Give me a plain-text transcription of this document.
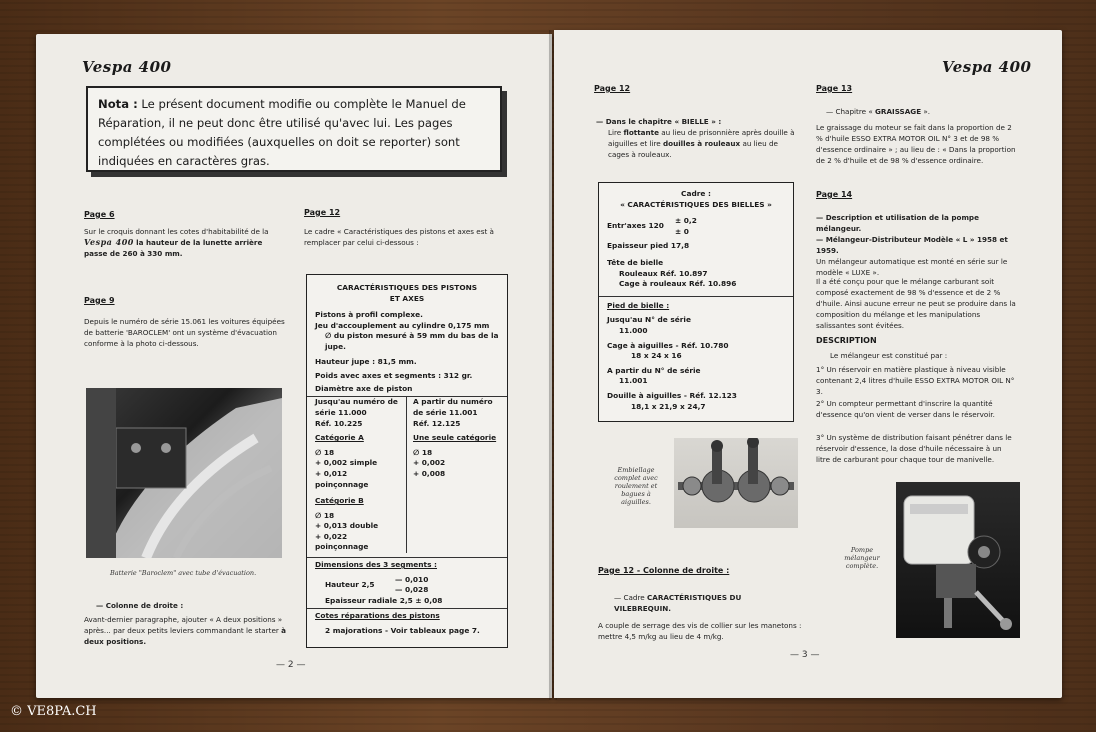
Vespa 400
Nota : Le présent document modifie ou complète le Manuel de Réparation, il ne peut donc être utilisé qu'avec lui. Les pages complétées ou modifiées (auxquelles on doit se reporter) sont indiquées en caractères gras.
Page 6
Sur le croquis donnant les cotes d'habitabilité de la Vespa 400 la hauteur de la lunette arrière passe de 260 à 330 mm.
Page 9
Depuis le numéro de série 15.061 les voitures équipées de batterie 'BAROCLEM' ont un système d'évacuation conforme à la photo ci-dessous.
Batterie "Baroclem" avec tube d'évacuation.
— Colonne de droite :
Avant-dernier paragraphe, ajouter « A deux positions » après... par deux petits leviers commandant le starter à deux positions.
Page 12
Le cadre « Caractéristiques des pistons et axes est à remplacer par celui ci-dessous :
CARACTÉRISTIQUES DES PISTONS
ET AXES
Pistons à profil complexe.
Jeu d'accouplement au cylindre 0,175 mm
∅ du piston mesuré à 59 mm du bas de la jupe.
Hauteur jupe : 81,5 mm.
Poids avec axes et segments : 312 gr.
Diamètre axe de piston
Jusqu'au numéro de série 11.000
Réf. 10.225
Catégorie A
∅ 18
+ 0,002 simple
+ 0,012 poinçonnage
Catégorie B
∅ 18
+ 0,013 double
+ 0,022 poinçonnage
A partir du numéro de série 11.001
Réf. 12.125
Une seule catégorie
∅ 18
+ 0,002
+ 0,008
Dimensions des 3 segments :
Hauteur 2,5
— 0,010
— 0,028
Epaisseur radiale 2,5 ± 0,08
Cotes réparations des pistons
2 majorations - Voir tableaux page 7.
— 2 —
Vespa 400
Page 12
— Dans le chapitre « BIELLE » :
Lire flottante au lieu de prisonnière après douille à aiguilles et lire douilles à rouleaux au lieu de cages à rouleaux.
Cadre :
« CARACTÉRISTIQUES DES BIELLES »
Entr'axes 120
± 0,2
± 0
Epaisseur pied 17,8
Tête de bielle
Rouleaux Réf. 10.897
Cage à rouleaux Réf. 10.896
Pied de bielle :
Jusqu'au N° de série
11.000
Cage à aiguilles - Réf. 10.780
18 x 24 x 16
A partir du N° de série
11.001
Douille à aiguilles - Réf. 12.123
18,1 x 21,9 x 24,7
Embiellage complet avec roulement et bagues à aiguilles.
Page 12 - Colonne de droite :
— Cadre CARACTÉRISTIQUES DU VILEBREQUIN.
A couple de serrage des vis de collier sur les manetons : mettre 4,5 m/kg au lieu de 4 m/kg.
Page 13
— Chapitre « GRAISSAGE ».
Le graissage du moteur se fait dans la proportion de 2 % d'huile ESSO EXTRA MOTOR OIL N° 3 et de 98 % d'essence ordinaire » ; au lieu de : « Dans la proportion de 2 % d'huile et de 98 % d'essence ordinaire.
Page 14
— Description et utilisation de la pompe mélangeur.
— Mélangeur-Distributeur Modèle « L » 1958 et 1959.
Un mélangeur automatique est monté en série sur le modèle « LUXE ».
Il a été conçu pour que le mélange carburant soit composé exactement de 98 % d'essence et de 2 % d'huile. Ainsi aucune erreur ne peut se produire dans la composition du mélange et les manipulations salissantes sont évitées.
DESCRIPTION
Le mélangeur est constitué par :
1° Un réservoir en matière plastique à niveau visible contenant 2,4 litres d'huile ESSO EXTRA MOTOR OIL N° 3.
2° Un compteur permettant d'inscrire la quantité d'essence qu'on vient de verser dans le réservoir.
3° Un système de distribution faisant pénétrer dans le réservoir d'essence, la dose d'huile nécessaire à un litre de carburant pour chaque tour de manivelle.
Pompe mélangeur complète.
— 3 —
© VE8PA.CH
